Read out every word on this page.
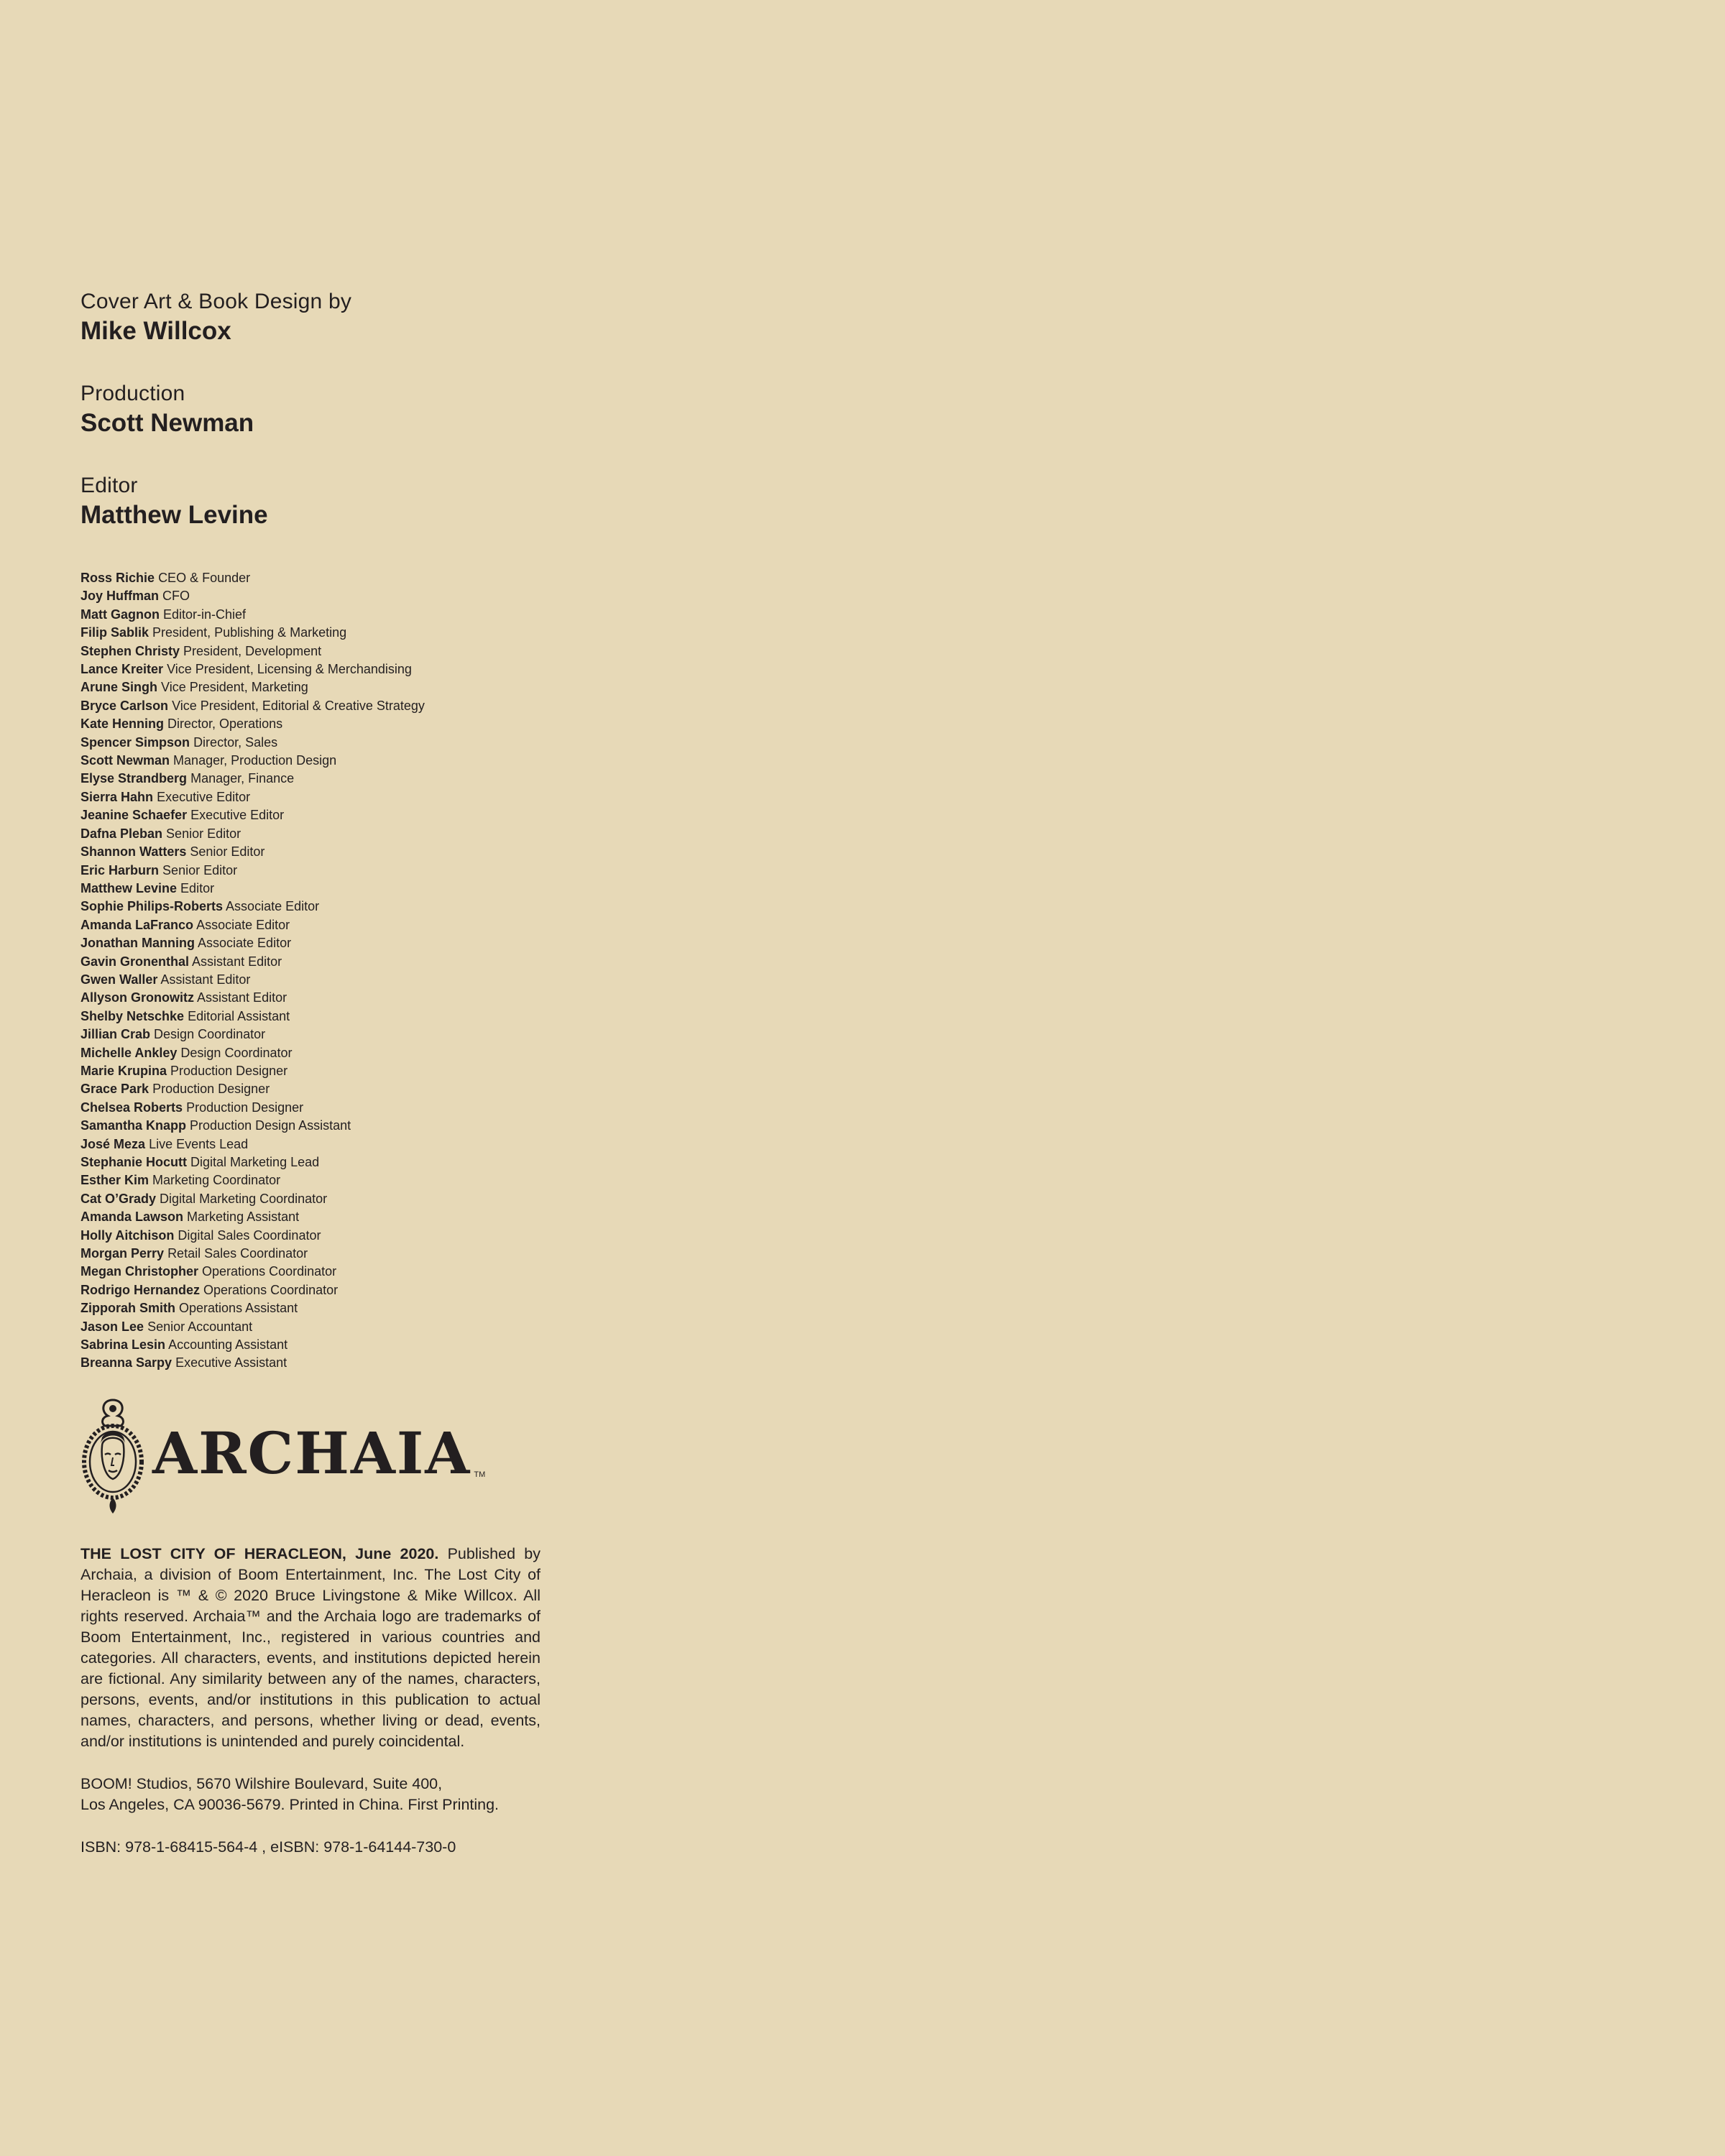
Cover Art & Book Design by
Mike Willcox
Production
Scott Newman
Editor
Matthew Levine
Ross Richie CEO & Founder
Joy Huffman CFO
Matt Gagnon Editor-in-Chief
Filip Sablik President, Publishing & Marketing
Stephen Christy President, Development
Lance Kreiter Vice President, Licensing & Merchandising
Arune Singh Vice President, Marketing
Bryce Carlson Vice President, Editorial & Creative Strategy
Kate Henning Director, Operations
Spencer Simpson Director, Sales
Scott Newman Manager, Production Design
Elyse Strandberg Manager, Finance
Sierra Hahn Executive Editor
Jeanine Schaefer Executive Editor
Dafna Pleban Senior Editor
Shannon Watters Senior Editor
Eric Harburn Senior Editor
Matthew Levine Editor
Sophie Philips-Roberts Associate Editor
Amanda LaFranco Associate Editor
Jonathan Manning Associate Editor
Gavin Gronenthal Assistant Editor
Gwen Waller Assistant Editor
Allyson Gronowitz Assistant Editor
Shelby Netschke Editorial Assistant
Jillian Crab Design Coordinator
Michelle Ankley Design Coordinator
Marie Krupina Production Designer
Grace Park Production Designer
Chelsea Roberts Production Designer
Samantha Knapp Production Design Assistant
José Meza Live Events Lead
Stephanie Hocutt Digital Marketing Lead
Esther Kim Marketing Coordinator
Cat O’Grady Digital Marketing Coordinator
Amanda Lawson Marketing Assistant
Holly Aitchison Digital Sales Coordinator
Morgan Perry Retail Sales Coordinator
Megan Christopher Operations Coordinator
Rodrigo Hernandez Operations Coordinator
Zipporah Smith Operations Assistant
Jason Lee Senior Accountant
Sabrina Lesin Accounting Assistant
Breanna Sarpy Executive Assistant
ARCHAIA TM
THE LOST CITY OF HERACLEON, June 2020. Published by Archaia, a division of Boom Entertainment, Inc. The Lost City of Heracleon is ™ & © 2020 Bruce Livingstone & Mike Willcox. All rights reserved. Archaia™ and the Archaia logo are trademarks of Boom Entertainment, Inc., registered in various countries and categories. All characters, events, and institutions depicted herein are fictional. Any similarity between any of the names, characters, persons, events, and/or institutions in this publication to actual names, characters, and persons, whether living or dead, events, and/or institutions is unintended and purely coincidental.
BOOM! Studios, 5670 Wilshire Boulevard, Suite 400,
Los Angeles, CA 90036-5679. Printed in China. First Printing.
ISBN: 978-1-68415-564-4 , eISBN: 978-1-64144-730-0
